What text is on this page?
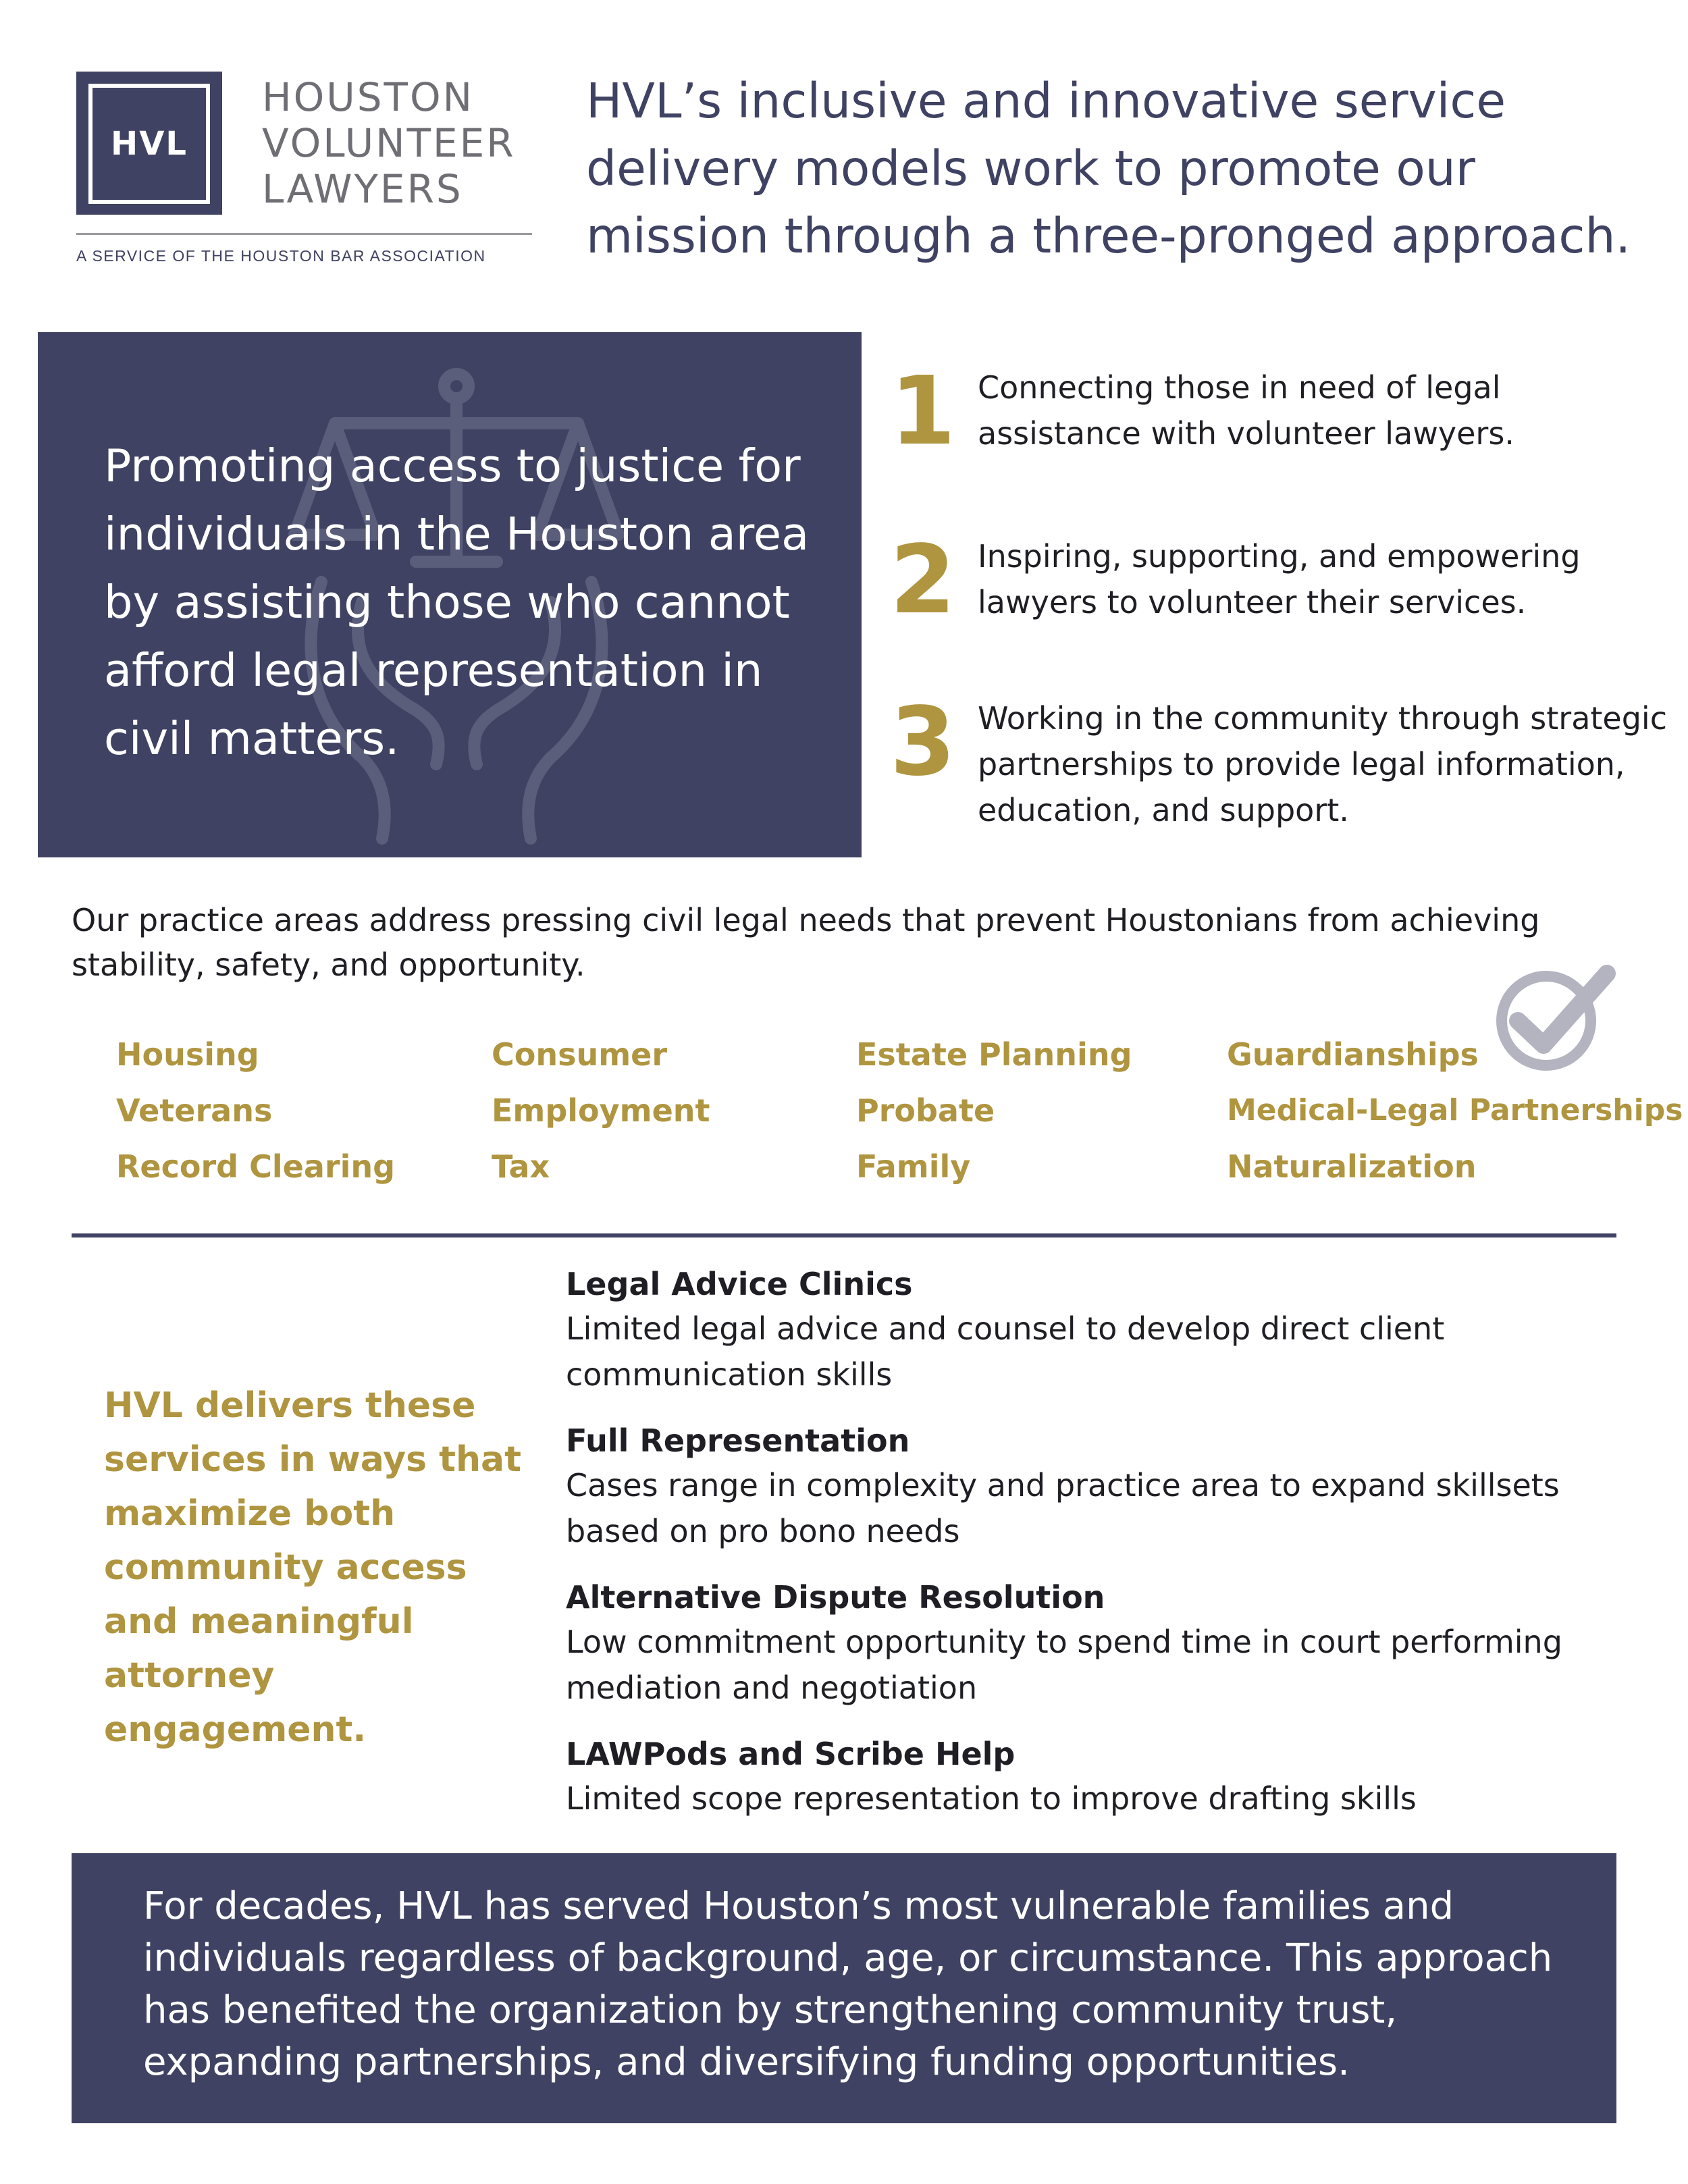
HVL
HOUSTON
VOLUNTEER
LAWYERS
A SERVICE OF THE HOUSTON BAR ASSOCIATION
HVL’s inclusive and innovative service delivery models work to promote our mission through a three-pronged approach.
Promoting access to justice for individuals in the Houston area by assisting those who cannot afford legal representation in civil matters.
1 Connecting those in need of legal assistance with volunteer lawyers.
2 Inspiring, supporting, and empowering lawyers to volunteer their services.
3 Working in the community through strategic partnerships to provide legal information, education, and support.
Our practice areas address pressing civil legal needs that prevent Houstonians from achieving stability, safety, and opportunity.
Housing
Veterans
Record Clearing
Consumer
Employment
Tax
Estate Planning
Probate
Family
Guardianships
Medical-Legal Partnerships
Naturalization
HVL delivers these services in ways that maximize both community access and meaningful attorney engagement.
Legal Advice Clinics
Limited legal advice and counsel to develop direct client communication skills
Full Representation
Cases range in complexity and practice area to expand skillsets based on pro bono needs
Alternative Dispute Resolution
Low commitment opportunity to spend time in court performing mediation and negotiation
LAWPods and Scribe Help
Limited scope representation to improve drafting skills
For decades, HVL has served Houston’s most vulnerable families and individuals regardless of background, age, or circumstance. This approach has benefited the organization by strengthening community trust, expanding partnerships, and diversifying funding opportunities.
